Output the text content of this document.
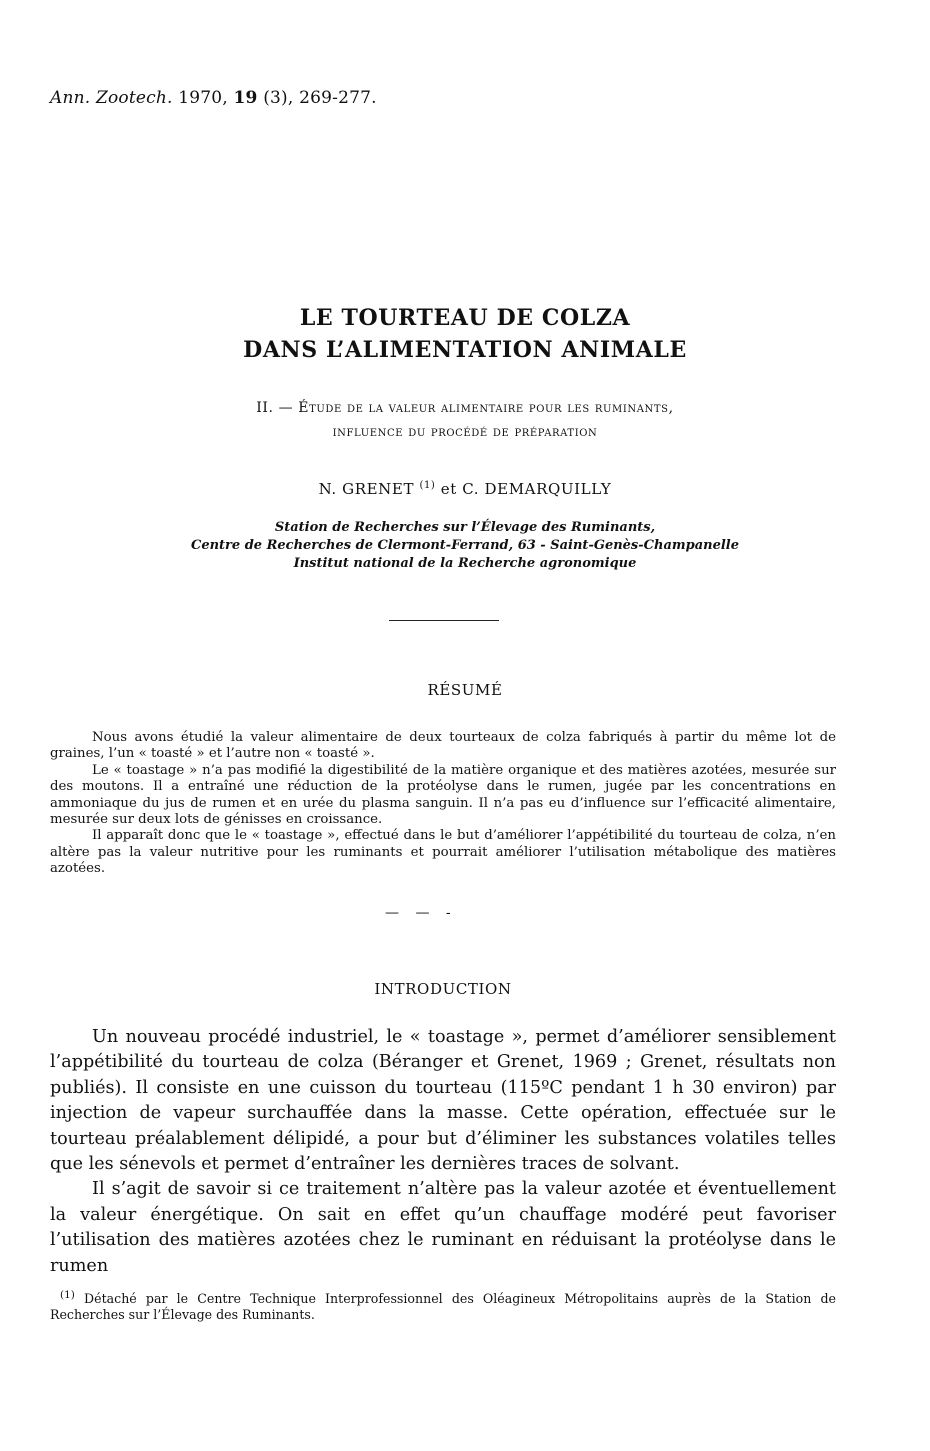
Ann. Zootech. 1970, 19 (3), 269-277.
LE TOURTEAU DE COLZA
DANS L’ALIMENTATION ANIMALE
II. — Étude de la valeur alimentaire pour les ruminants,
influence du procédé de préparation
N. GRENET $^{(1)}$ et C. DEMARQUILLY
Station de Recherches sur l’Élevage des Ruminants,
Centre de Recherches de Clermont-Ferrand, 63 - Saint-Genès-Champanelle
Institut national de la Recherche agronomique
RÉSUMÉ

Nous avons étudié la valeur alimentaire de deux tourteaux de colza fabriqués à partir du même lot de graines, l’un « toasté » et l’autre non « toasté ».

Le « toastage » n’a pas modifié la digestibilité de la matière organique et des matières azotées, mesurée sur des moutons. Il a entraîné une réduction de la protéolyse dans le rumen, jugée par les concentrations en ammoniaque du jus de rumen et en urée du plasma sanguin. Il n’a pas eu d’influence sur l’efficacité alimentaire, mesurée sur deux lots de génisses en croissance.

Il apparaît donc que le « toastage », effectué dans le but d’améliorer l’appétibilité du tourteau de colza, n’en altère pas la valeur nutritive pour les ruminants et pourrait améliorer l’utilisation métabolique des matières azotées.

— — -
INTRODUCTION

Un nouveau procédé industriel, le « toastage », permet d’améliorer sensiblement l’appétibilité du tourteau de colza (Béranger et Grenet, 1969 ; Grenet, résultats non publiés). Il consiste en une cuisson du tourteau (115ºC pendant 1 h 30 environ) par injection de vapeur surchauffée dans la masse. Cette opération, effectuée sur le tourteau préalablement délipidé, a pour but d’éliminer les substances volatiles telles que les sénevols et permet d’entraîner les dernières traces de solvant.

Il s’agit de savoir si ce traitement n’altère pas la valeur azotée et éventuellement la valeur énergétique. On sait en effet qu’un chauffage modéré peut favoriser l’utilisation des matières azotées chez le ruminant en réduisant la protéolyse dans le rumen

$^{(1)}$ Détaché par le Centre Technique Interprofessionnel des Oléagineux Métropolitains auprès de la Station de Recherches sur l’Élevage des Ruminants.
